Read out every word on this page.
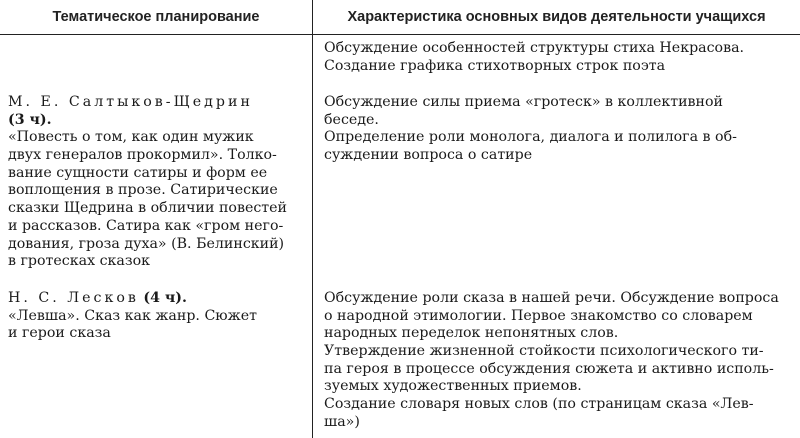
Тематическое планирование	Характеристика основных видов деятельности учащихся
Обсуждение особенностей структуры стиха Некрасова.
Создание графика стихотворных строк поэта
М. Е. Салтыков-Щедрин
(3 ч).
«Повесть о том, как один мужик
двух генералов прокормил». Толко-
вание сущности сатиры и форм ее
воплощения в прозе. Сатирические
сказки Щедрина в обличии повестей
и рассказов. Сатира как «гром него-
дования, гроза духа» (В. Белинский)
в гротесках сказок
Обсуждение силы приема «гротеск» в коллективной
беседе.
Определение роли монолога, диалога и полилога в об-
суждении вопроса о сатире
Н. С. Лесков (4 ч).
«Левша». Сказ как жанр. Сюжет
и герои сказа
Обсуждение роли сказа в нашей речи. Обсуждение вопроса
о народной этимологии. Первое знакомство со словарем
народных переделок непонятных слов.
Утверждение жизненной стойкости психологического ти-
па героя в процессе обсуждения сюжета и активно исполь-
зуемых художественных приемов.
Создание словаря новых слов (по страницам сказа «Лев-
ша»)
